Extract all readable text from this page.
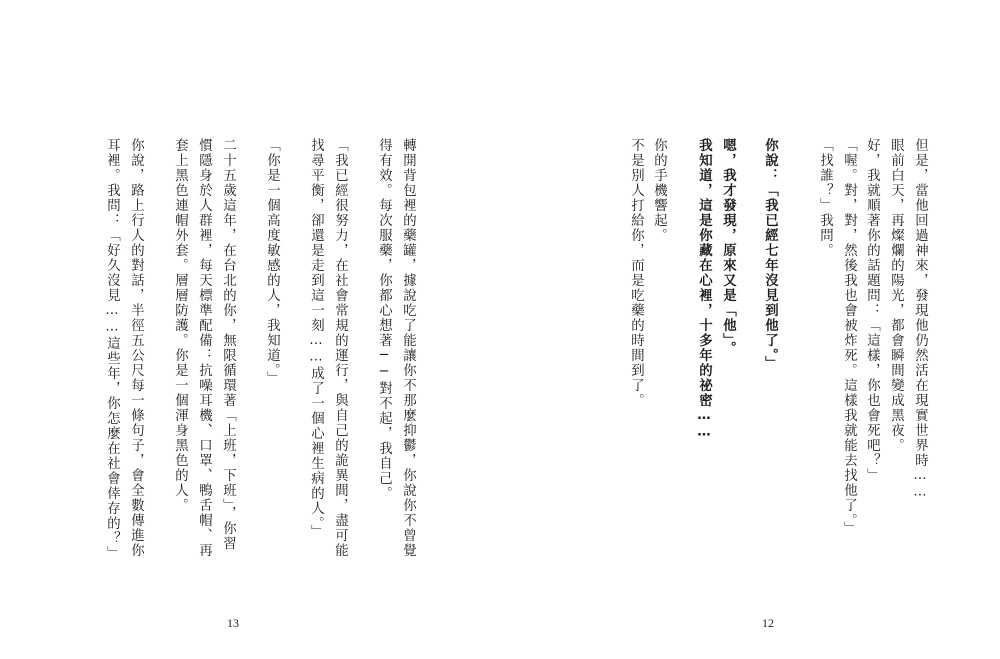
轉開背包裡的藥罐，據說吃了能讓你不那麼抑鬱，你說你不曾覺
得有效。每次服藥，你都心想著──對不起，我自己。
「我已經很努力，在社會常規的運行，與自己的詭異間，盡可能
找尋平衡，卻還是走到這一刻……成了一個心裡生病的人。」
「你是一個高度敏感的人，我知道。」
二十五歲這年，在台北的你，無限循環著「上班，下班」，你習
慣隱身於人群裡，每天標準配備：抗噪耳機、口罩、鴨舌帽、再
套上黑色連帽外套。層層防護。你是一個渾身黑色的人。
你說，路上行人的對話，半徑五公尺每一條句子，會全數傳進你
耳裡。我問：「好久沒見……這些年，你怎麼在社會倖存的？」
13
但是，當他回過神來，發現他仍然活在現實世界時……
眼前白天，再燦爛的陽光，都會瞬間變成黑夜。
好，我就順著你的話題問：「這樣，你也會死吧？」
「喔。對，對，然後我也會被炸死。這樣我就能去找他了。」
「找誰？」我問。
你說：「我已經七年沒見到他了。」
嗯，我才發現，原來又是「他」。
我知道，這是你藏在心裡，十多年的祕密……
你的手機響起。
不是別人打給你，而是吃藥的時間到了。
12
